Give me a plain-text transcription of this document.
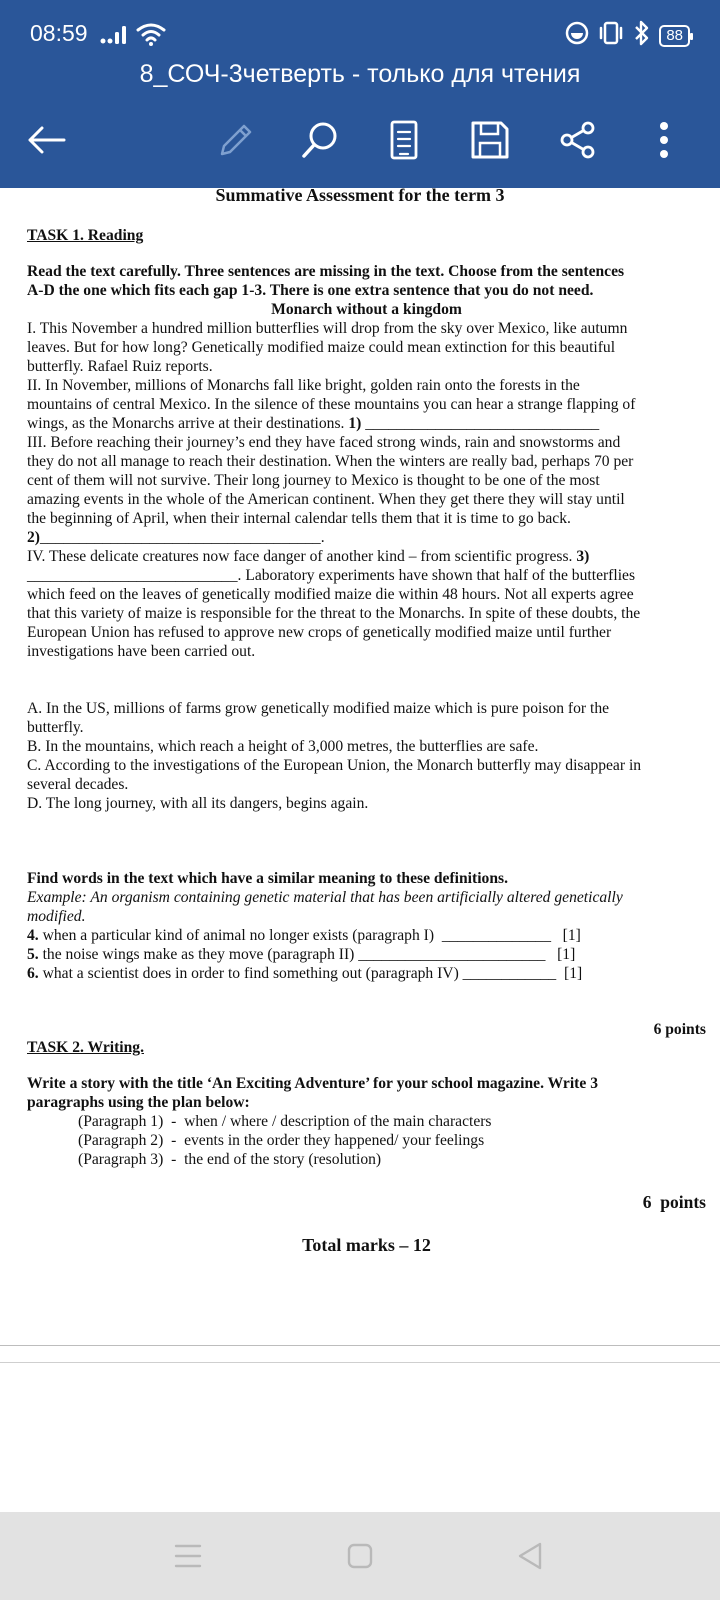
08:59	88
8_СОЧ-3четверть - только для чтения
Summative Assessment for the term 3
TASK 1. Reading
Read the text carefully. Three sentences are missing in the text. Choose from the sentences
A-D the one which fits each gap 1-3. There is one extra sentence that you do not need.
Monarch without a kingdom
I. This November a hundred million butterflies will drop from the sky over Mexico, like autumn
leaves. But for how long? Genetically modified maize could mean extinction for this beautiful
butterfly. Rafael Ruiz reports.
II. In November, millions of Monarchs fall like bright, golden rain onto the forests in the
mountains of central Mexico. In the silence of these mountains you can hear a strange flapping of
wings, as the Monarchs arrive at their destinations. 1) ______________________________
III. Before reaching their journey’s end they have faced strong winds, rain and snowstorms and
they do not all manage to reach their destination. When the winters are really bad, perhaps 70 per
cent of them will not survive. Their long journey to Mexico is thought to be one of the most
amazing events in the whole of the American continent. When they get there they will stay until
the beginning of April, when their internal calendar tells them that it is time to go back.
2)____________________________________.
IV. These delicate creatures now face danger of another kind – from scientific progress. 3)
___________________________. Laboratory experiments have shown that half of the butterflies
which feed on the leaves of genetically modified maize die within 48 hours. Not all experts agree
that this variety of maize is responsible for the threat to the Monarchs. In spite of these doubts, the
European Union has refused to approve new crops of genetically modified maize until further
investigations have been carried out.
A. In the US, millions of farms grow genetically modified maize which is pure poison for the
butterfly.
B. In the mountains, which reach a height of 3,000 metres, the butterflies are safe.
C. According to the investigations of the European Union, the Monarch butterfly may disappear in
several decades.
D. The long journey, with all its dangers, begins again.
Find words in the text which have a similar meaning to these definitions.
Example: An organism containing genetic material that has been artificially altered genetically
modified.
4. when a particular kind of animal no longer exists (paragraph I)  ______________   [1]
5. the noise wings make as they move (paragraph II) ________________________   [1]
6. what a scientist does in order to find something out (paragraph IV) ____________  [1]
6 points
TASK 2. Writing.
Write a story with the title ‘An Exciting Adventure’ for your school magazine. Write 3
paragraphs using the plan below:
(Paragraph 1)  -  when / where / description of the main characters
(Paragraph 2)  -  events in the order they happened/ your feelings
(Paragraph 3)  -  the end of the story (resolution)
6  points
Total marks – 12
